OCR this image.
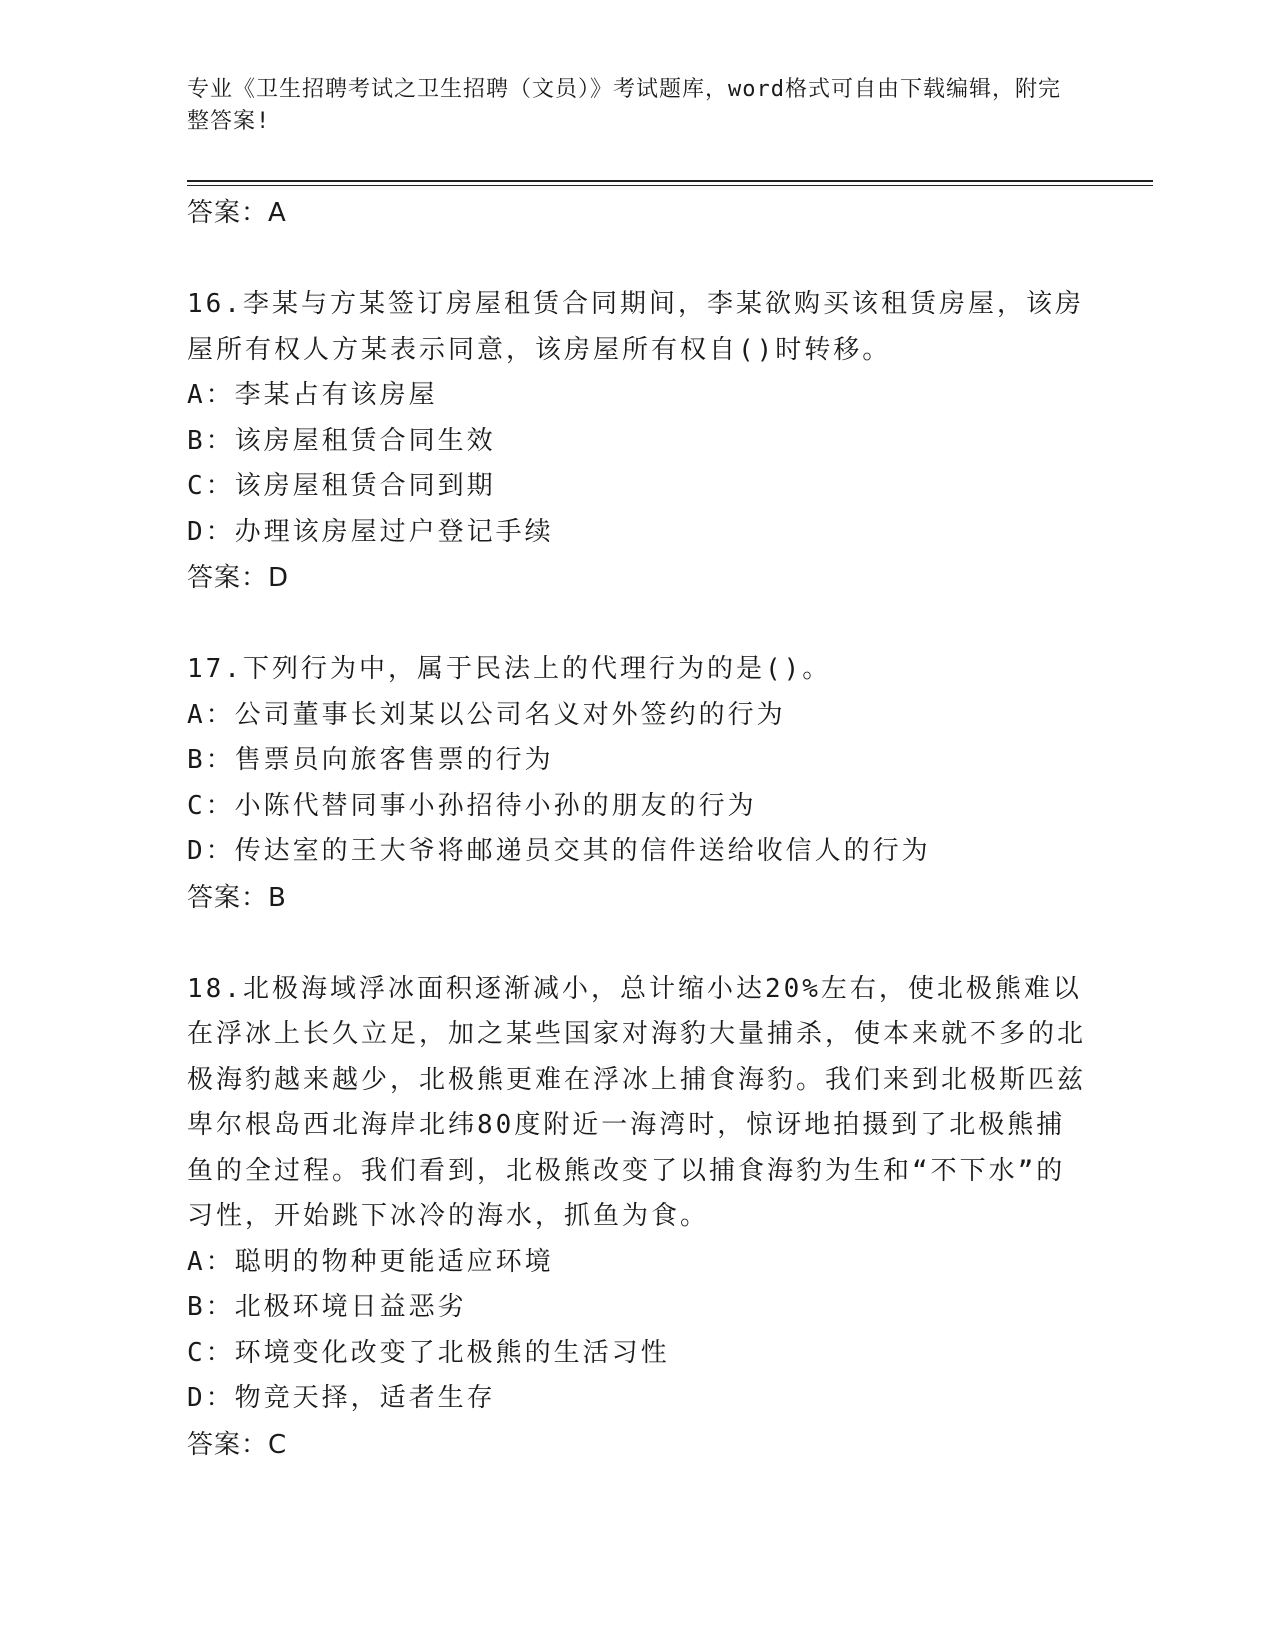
专业《卫生招聘考试之卫生招聘（文员）》考试题库，word格式可自由下载编辑，附完整答案!
答案：A
16.李某与方某签订房屋租赁合同期间，李某欲购买该租赁房屋，该房屋所有权人方某表示同意，该房屋所有权自()时转移。
A：李某占有该房屋
B：该房屋租赁合同生效
C：该房屋租赁合同到期
D：办理该房屋过户登记手续
答案：D
17.下列行为中，属于民法上的代理行为的是()。
A：公司董事长刘某以公司名义对外签约的行为
B：售票员向旅客售票的行为
C：小陈代替同事小孙招待小孙的朋友的行为
D：传达室的王大爷将邮递员交其的信件送给收信人的行为
答案：B
18.北极海域浮冰面积逐渐减小，总计缩小达20%左右，使北极熊难以在浮冰上长久立足，加之某些国家对海豹大量捕杀，使本来就不多的北极海豹越来越少，北极熊更难在浮冰上捕食海豹。我们来到北极斯匹兹卑尔根岛西北海岸北纬80度附近一海湾时，惊讶地拍摄到了北极熊捕鱼的全过程。我们看到，北极熊改变了以捕食海豹为生和“不下水”的习性，开始跳下冰冷的海水，抓鱼为食。
A：聪明的物种更能适应环境
B：北极环境日益恶劣
C：环境变化改变了北极熊的生活习性
D：物竞天择，适者生存
答案：C
